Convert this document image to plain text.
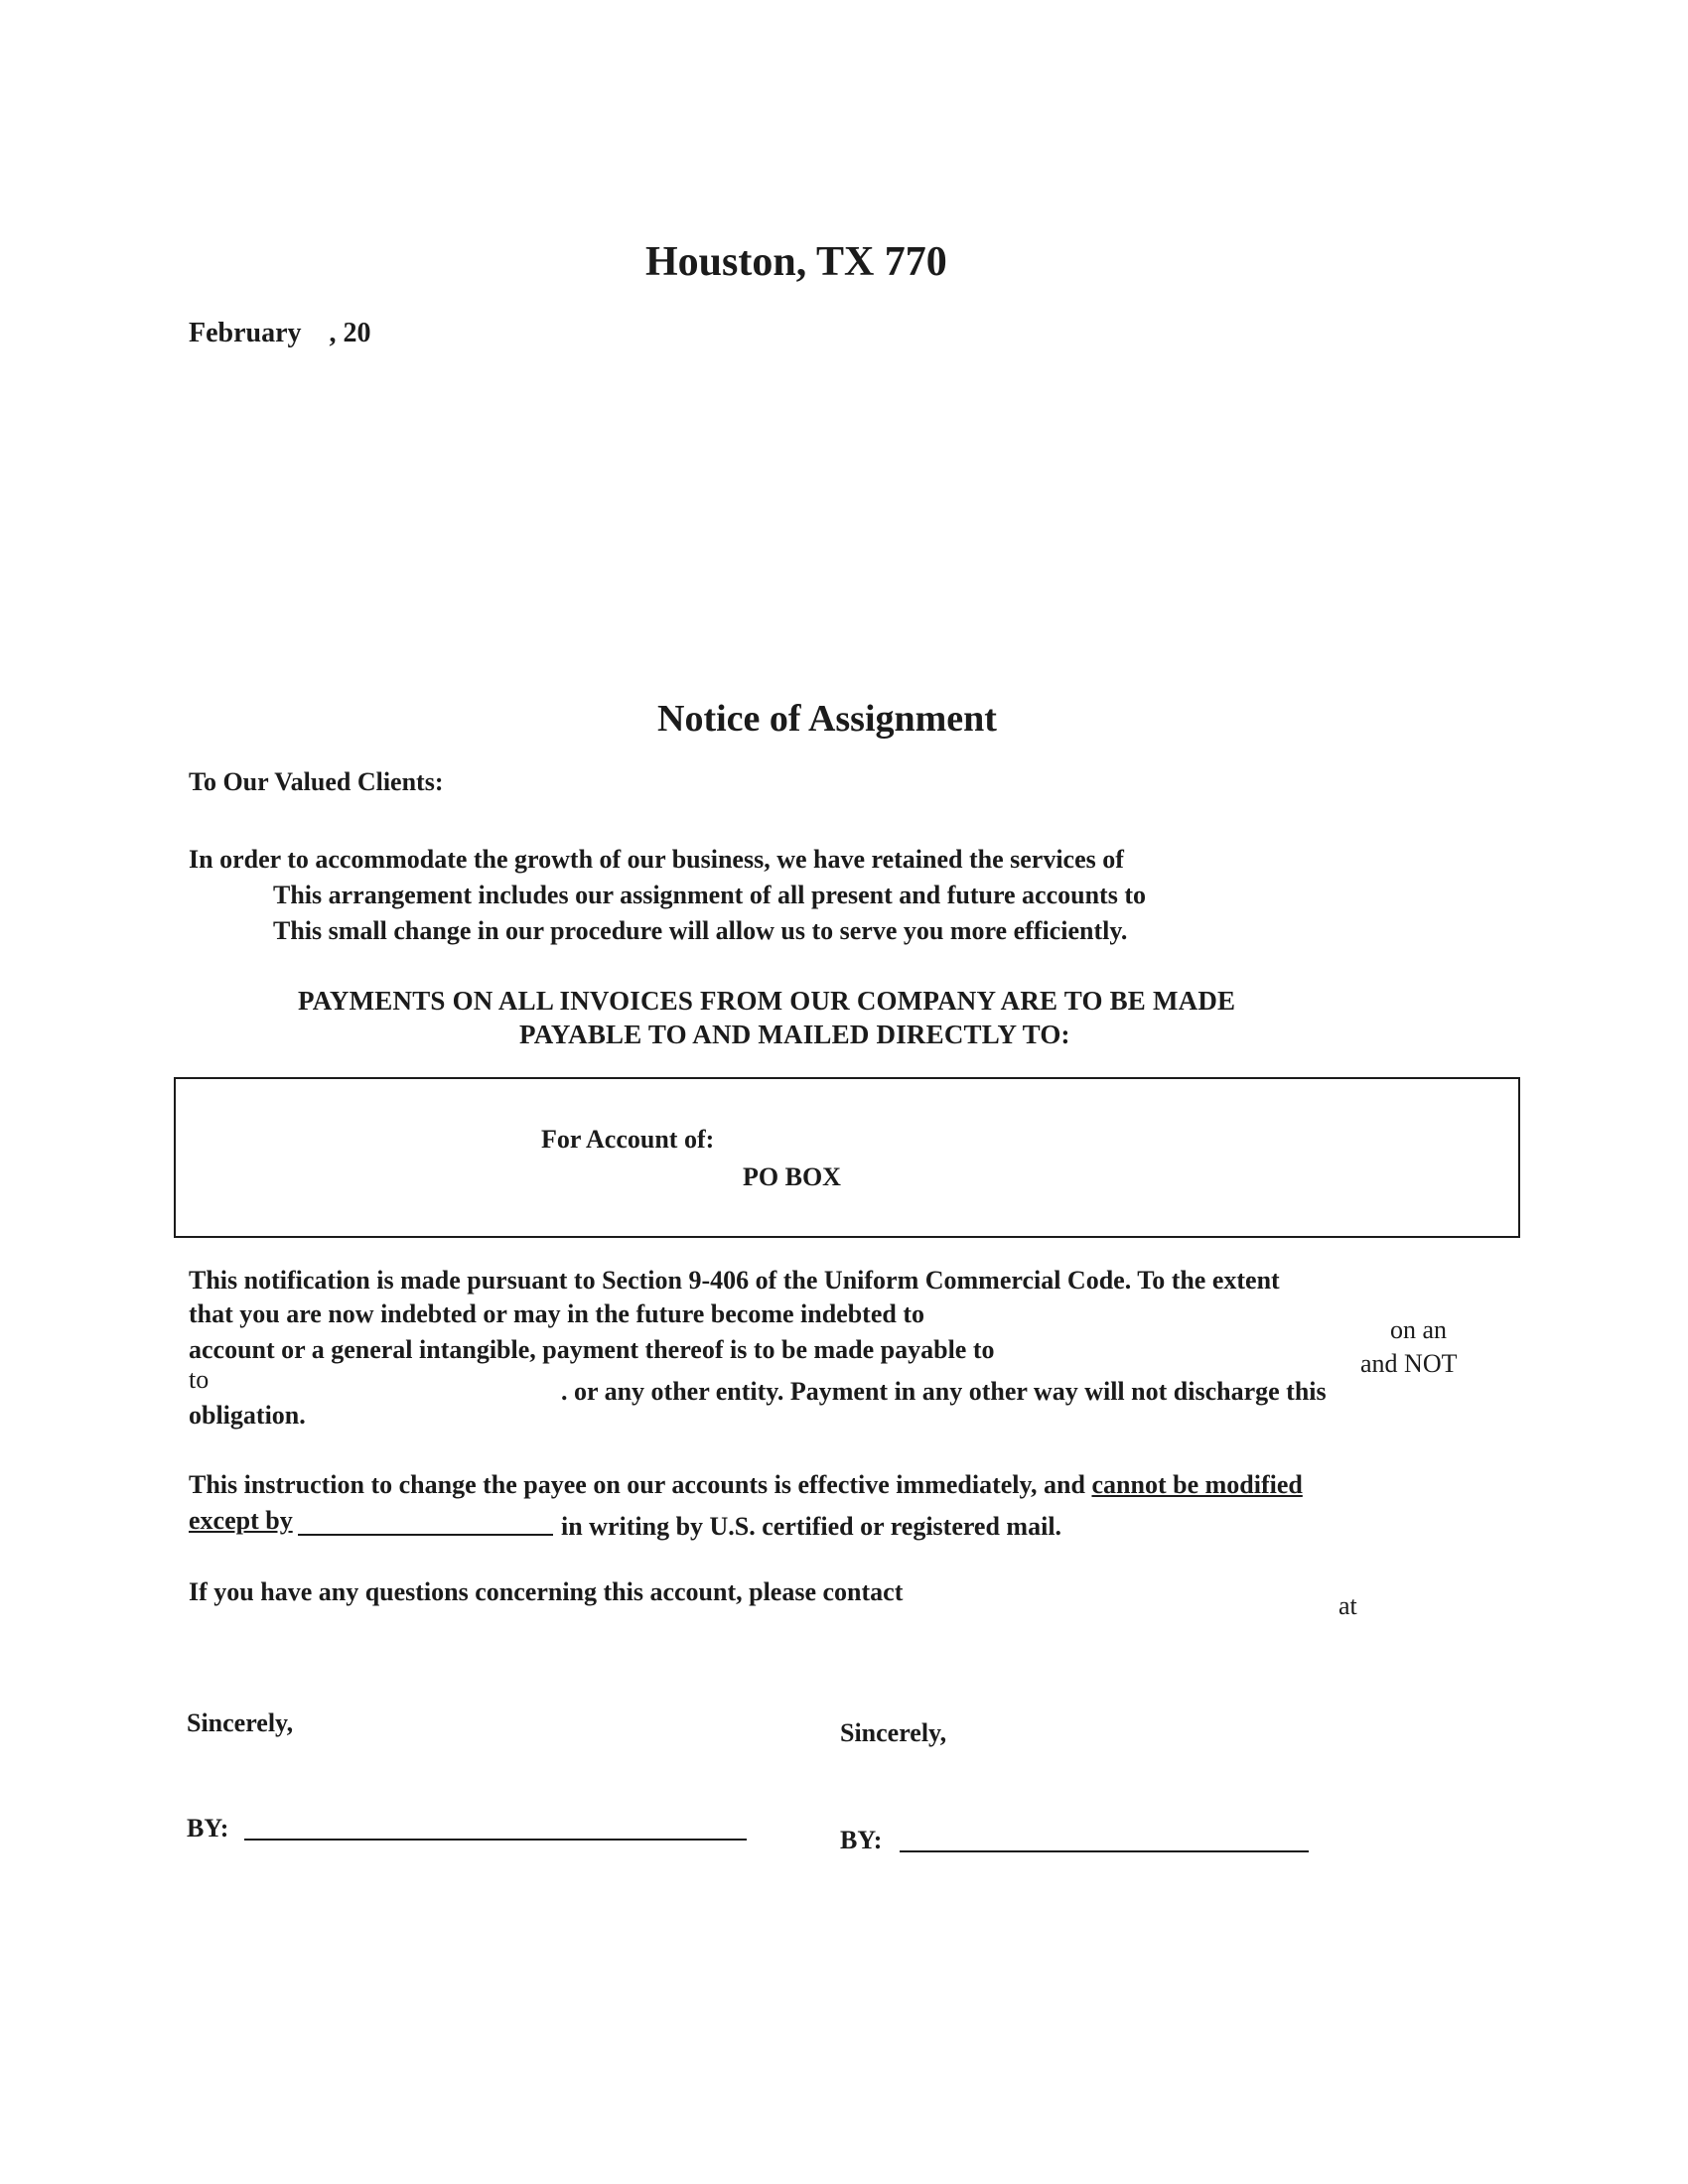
Houston, TX 770
February    , 20
Notice of Assignment
To Our Valued Clients:
In order to accommodate the growth of our business, we have retained the services of
This arrangement includes our assignment of all present and future accounts to
This small change in our procedure will allow us to serve you more efficiently.
PAYMENTS ON ALL INVOICES FROM OUR COMPANY ARE TO BE MADE
PAYABLE TO AND MAILED DIRECTLY TO:
For Account of:
PO BOX
This notification is made pursuant to Section 9-406 of the Uniform Commercial Code. To the extent
that you are now indebted or may in the future become indebted to
on an
account or a general intangible, payment thereof is to be made payable to	and NOT
to	. or any other entity. Payment in any other way will not discharge this
obligation.
This instruction to change the payee on our accounts is effective immediately, and cannot be modified
except by	in writing by U.S. certified or registered mail.
If you have any questions concerning this account, please contact	at
Sincerely,
BY:
Sincerely,
BY:
